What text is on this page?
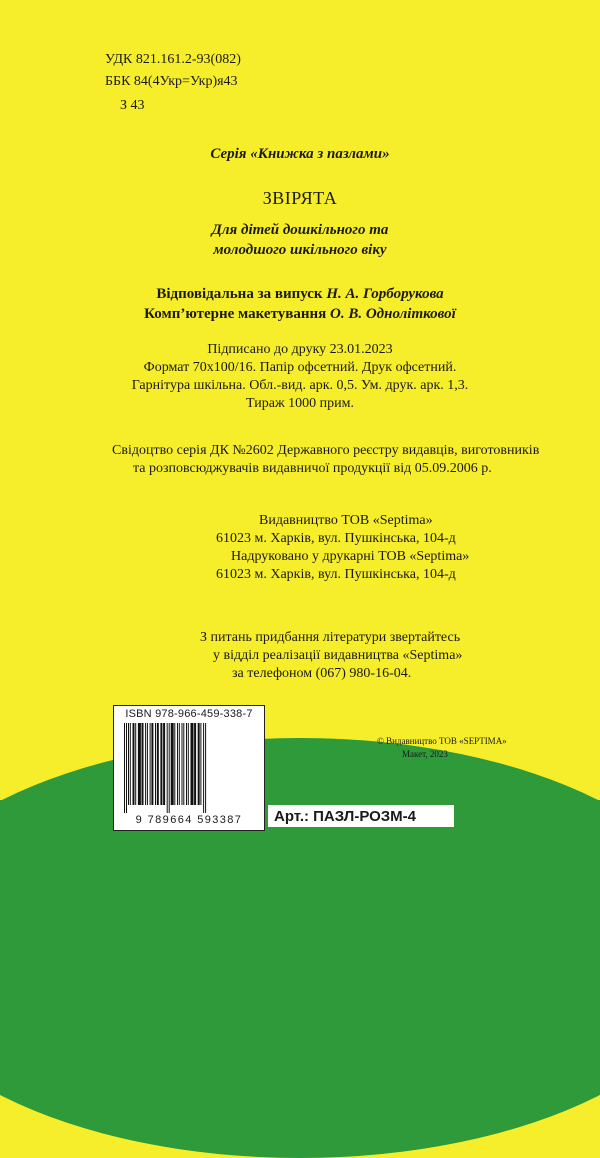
УДК 821.161.2-93(082)
ББК 84(4Укр=Укр)я43
З 43
Серія «Книжка з пазлами»
ЗВІРЯТА
Для дітей дошкільного та
молодшого шкільного віку
Відповідальна за випуск Н. А. Горборукова
Комп’ютерне макетування О. В. Одноліткової
Підписано до друку 23.01.2023
Формат 70x100/16. Папір офсетний. Друк офсетний.
Гарнітура шкільна. Обл.-вид. арк. 0,5. Ум. друк. арк. 1,3.
Тираж 1000 прим.
Свідоцтво серія ДК №2602 Державного реєстру видавців, виготовників
та розповсюджувачів видавничої продукції від 05.09.2006 р.
Видавництво ТОВ «Septima»
61023 м. Харків, вул. Пушкінська, 104-д
Надруковано у друкарні ТОВ «Septima»
61023 м. Харків, вул. Пушкінська, 104-д
З питань придбання літератури звертайтесь
у відділ реалізації видавництва «Septima»
за телефоном (067) 980-16-04.
ISBN 978-966-459-338-7
9 789664 593387
© Видавництво ТОВ «SEPTIMA»
Макет, 2023
Арт.: ПАЗЛ-РОЗМ-4
